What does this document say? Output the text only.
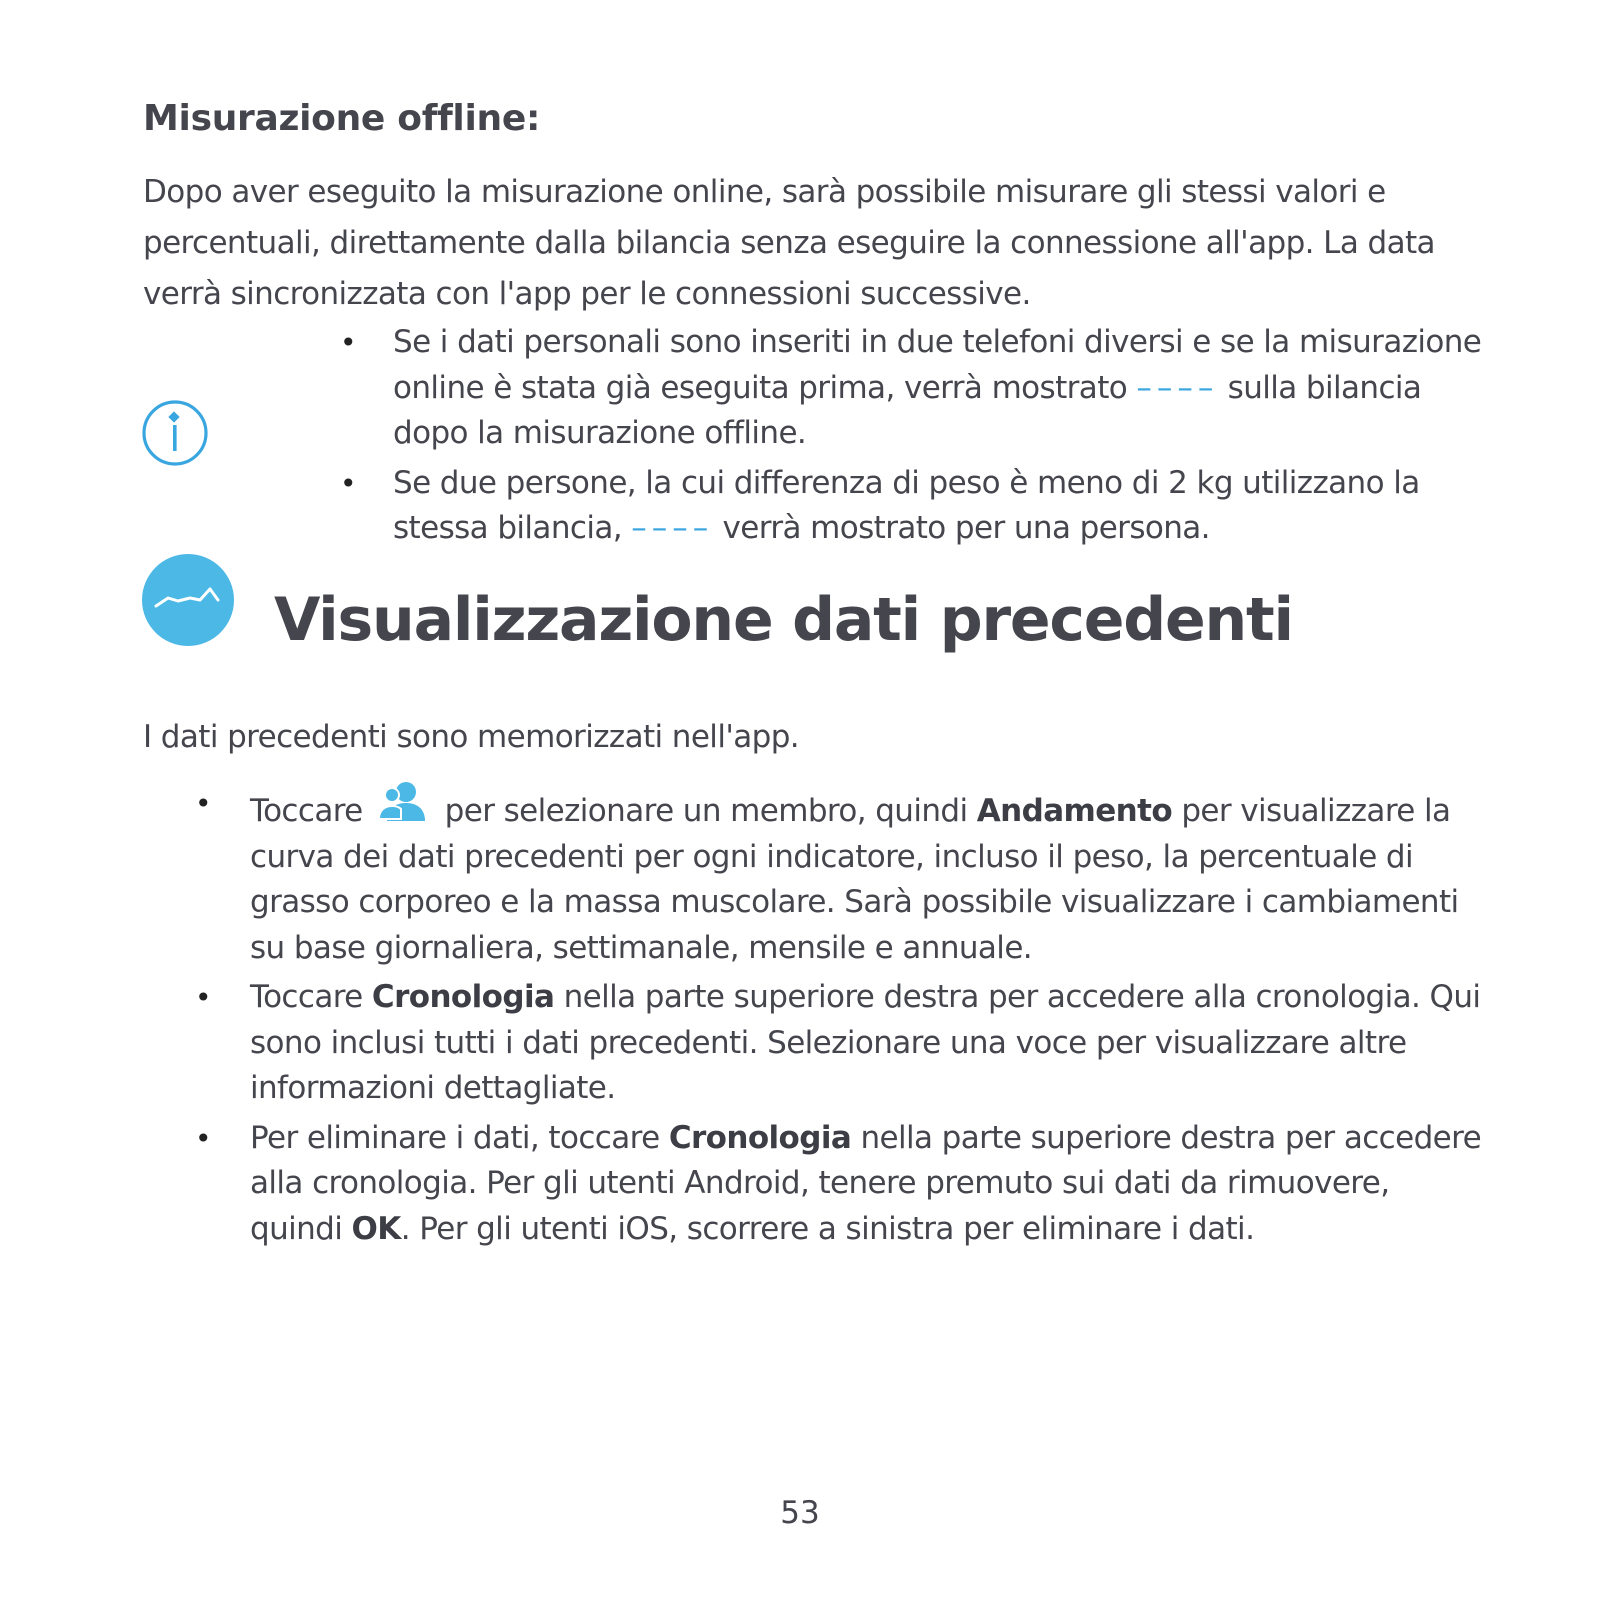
Misurazione offline:

Dopo aver eseguito la misurazione online, sarà possibile misurare gli stessi valori e percentuali, direttamente dalla bilancia senza eseguire la connessione all'app. La data verrà sincronizzata con l'app per le connessioni successive.

• Se i dati personali sono inseriti in due telefoni diversi e se la misurazione online è stata già eseguita prima, verrà mostrato –––– sulla bilancia dopo la misurazione offline.
• Se due persone, la cui differenza di peso è meno di 2 kg utilizzano la stessa bilancia, –––– verrà mostrato per una persona.
Visualizzazione dati precedenti

I dati precedenti sono memorizzati nell'app.

• Toccare	per selezionare un membro, quindi Andamento per visualizzare la curva dei dati precedenti per ogni indicatore, incluso il peso, la percentuale di grasso corporeo e la massa muscolare. Sarà possibile visualizzare i cambiamenti su base giornaliera, settimanale, mensile e annuale.
• Toccare Cronologia nella parte superiore destra per accedere alla cronologia. Qui sono inclusi tutti i dati precedenti. Selezionare una voce per visualizzare altre informazioni dettagliate.
• Per eliminare i dati, toccare Cronologia nella parte superiore destra per accedere alla cronologia. Per gli utenti Android, tenere premuto sui dati da rimuovere, quindi OK. Per gli utenti iOS, scorrere a sinistra per eliminare i dati.
53
